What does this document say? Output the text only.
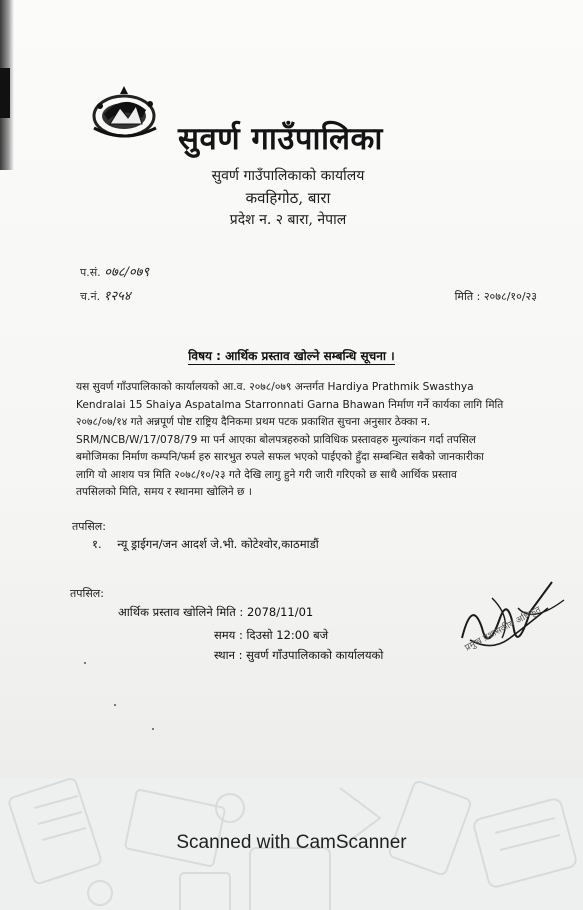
सुवर्ण गाउँपालिका
सुवर्ण गाउँपालिकाको कार्यालय
कवहिगोठ, बारा
प्रदेश न. २ बारा, नेपाल
प.सं. ०७८/०७९
च.नं. १२५४	मिति : २०७८/१०/२३
विषय : आर्थिक प्रस्ताव खोल्ने सम्बन्धि सूचना ।
यस सुवर्ण गाँउपालिकाको कार्यालयको आ.व. २०७८/०७९ अन्तर्गत Hardiya Prathmik Swasthya
Kendralai 15 Shaiya Aspatalma Starronnati Garna Bhawan निर्माण गर्ने कार्यका लागि मिति
२०७८/०७/१४ गते अन्नपूर्ण पोष्ट राष्ट्रिय दैनिकमा प्रथम पटक प्रकाशित सुचना अनुसार ठेक्का न.
SRM/NCB/W/17/078/79 मा पर्न आएका बोलपत्रहरुको प्राविधिक प्रस्तावहरु मुल्यांकन गर्दा तपसिल
बमोजिमका निर्माण कम्पनि/फर्म हरु सारभुत रुपले सफल भएको पाईएको हुँदा सम्बन्धित सबैको जानकारीका
लागि यो आशय पत्र मिति २०७८/१०/२३ गते देखि लागु हुने गरी जारी गरिएको छ साथै आर्थिक प्रस्ताव
तपसिलको मिति, समय र स्थानमा खोलिने छ ।
तपसिल:
१. न्यू ड्राईगन/जन आदर्श जे.भी. कोटेश्वोर,काठमाडौं
तपसिल:
आर्थिक प्रस्ताव खोलिने मिति : 2078/11/01
समय : दिउसो 12:00 बजे
स्थान : सुवर्ण गाँउपालिकाको कार्यालयको
प्रमुख प्रशासकीय अधिकृत
Scanned with CamScanner
